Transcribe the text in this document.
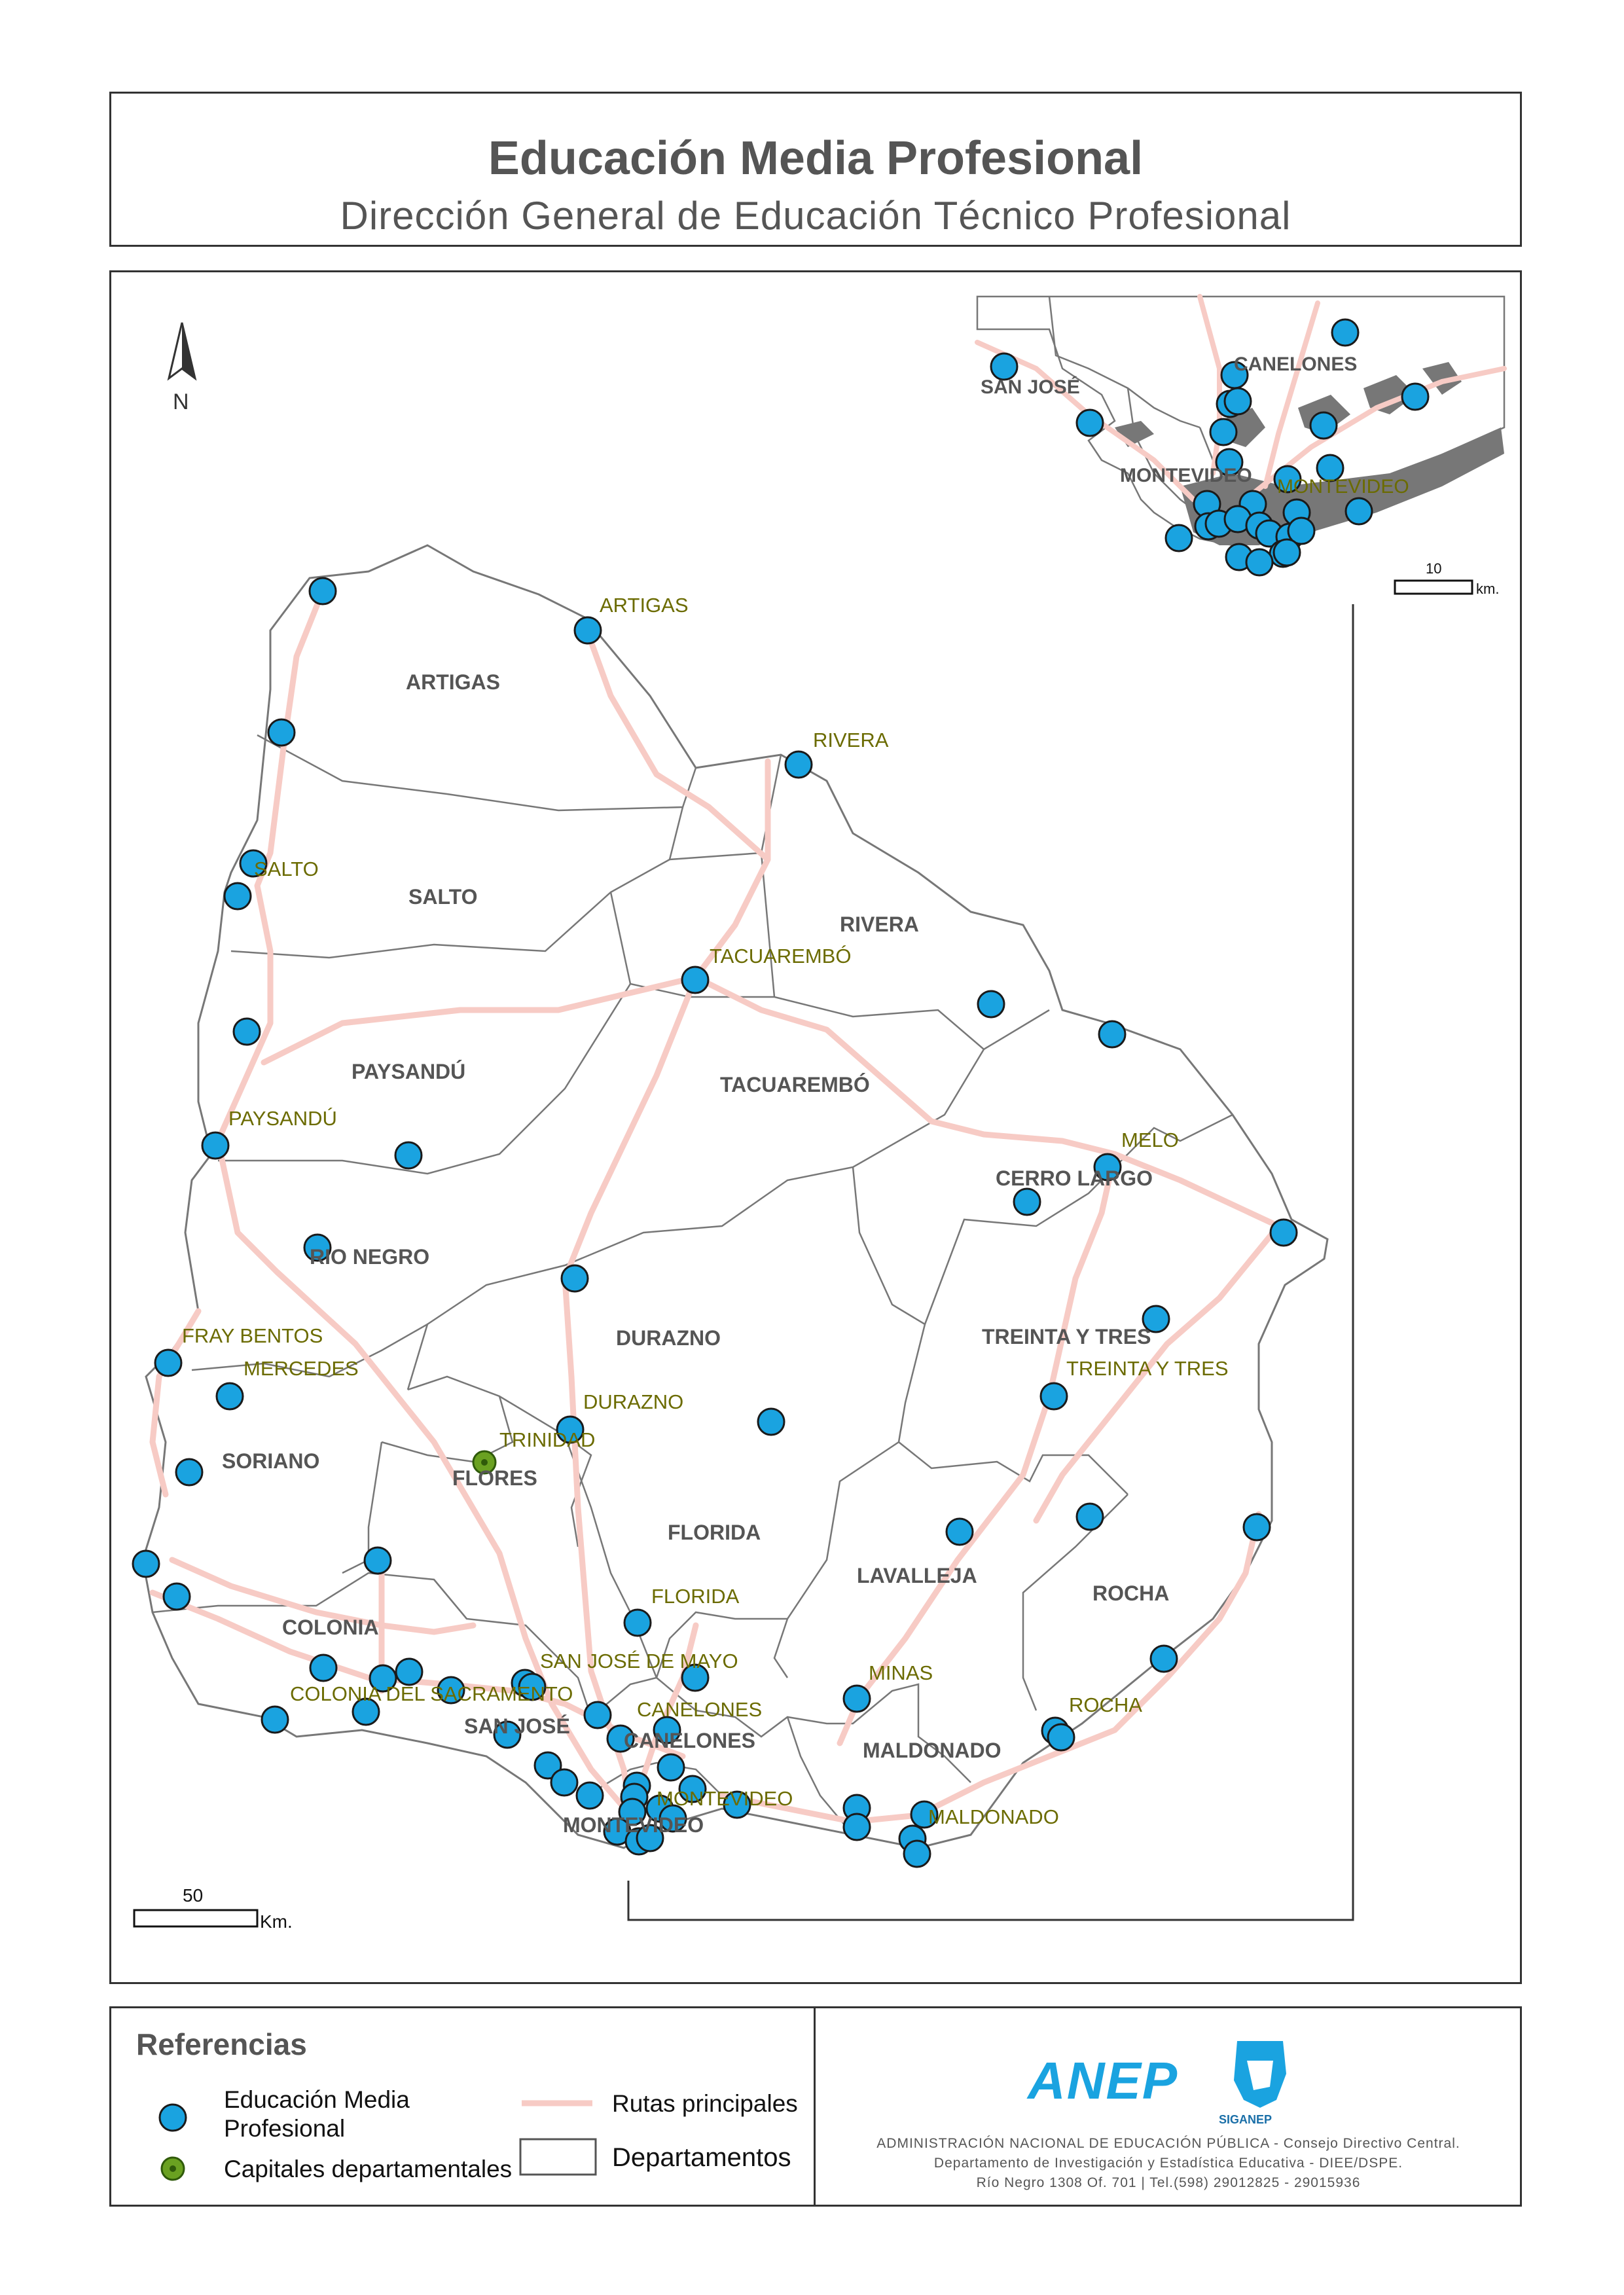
Educación Media Profesional
Dirección General de Educación Técnico Profesional
ARTIGAS
SALTO
RIVERA
PAYSANDÚ
TACUAREMBÓ
CERRO LARGO
RIO NEGRO
DURAZNO	TREINTA Y TRES
SORIANO
FLORES
FLORIDA
LAVALLEJA
ROCHA
COLONIA
SAN JOSÉ
CANELONES	MALDONADO
MONTEVIDEO
ARTIGAS
RIVERA
SALTO
TACUAREMBÓ
PAYSANDÚ
MELO
FRAY BENTOS
MERCEDES	TREINTA Y TRES
DURAZNO
TRINIDAD
FLORIDA
SAN JOSÉ DE MAYO
MINAS
COLONIA DEL SACRAMENTO
CANELONES	ROCHA
MONTEVIDEO
MALDONADO
CANELONES
SAN JOSÉ
MONTEVIDEO
MONTEVIDEO
N
50
Km.
10
km.
Referencias
Educación Media
Profesional
Capitales departamentales
Rutas principales
Departamentos
ANEP
SIGANEP
ADMINISTRACIÓN NACIONAL DE EDUCACIÓN PÚBLICA - Consejo Directivo Central.
Departamento de Investigación y Estadística Educativa - DIEE/DSPE.
Río Negro 1308 Of. 701 | Tel.(598) 29012825 - 29015936
